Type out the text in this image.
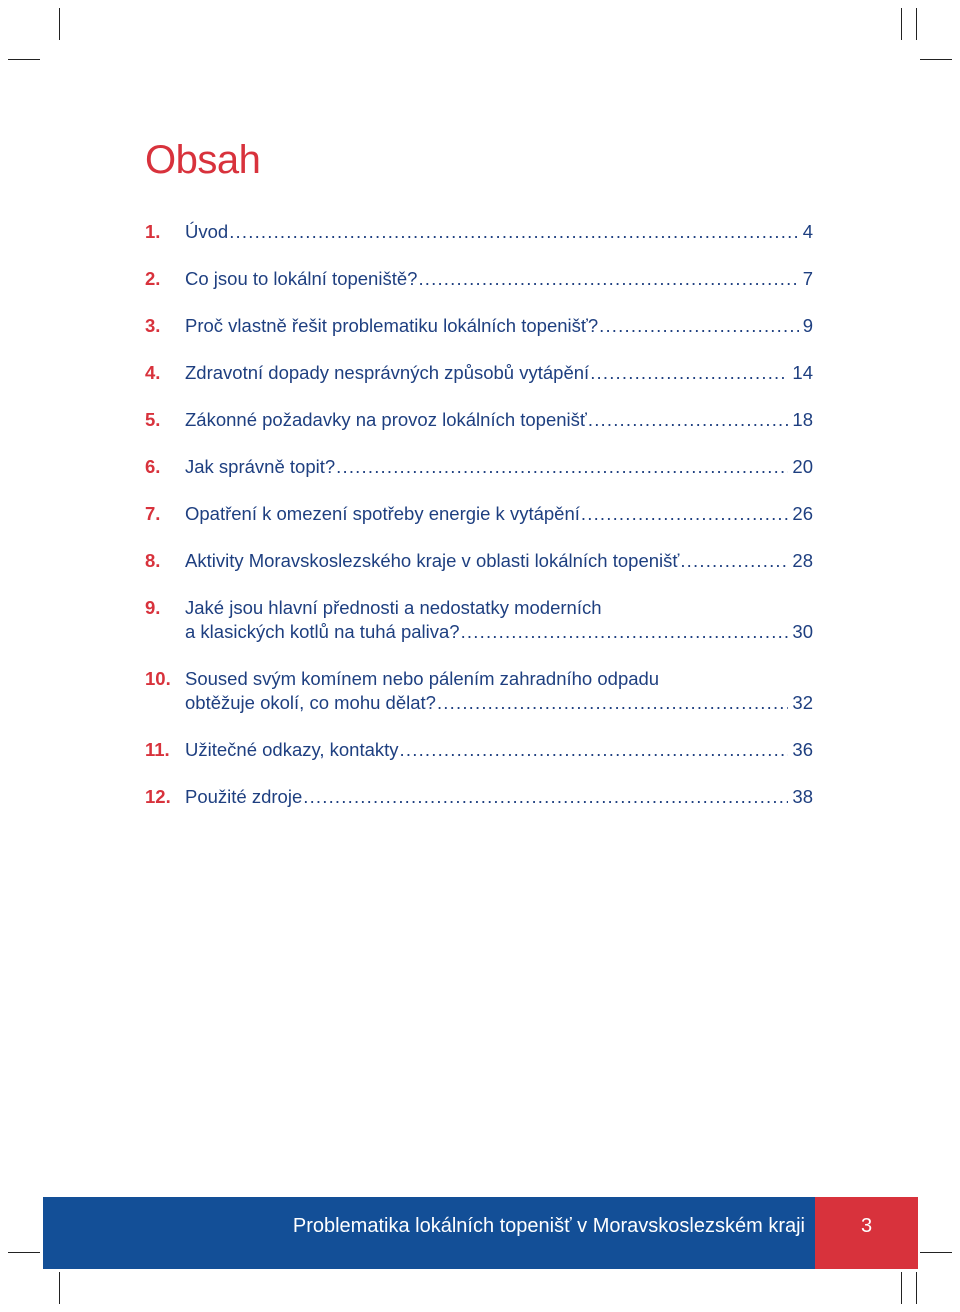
Obsah
1.	Úvod .....	4
2.	Co jsou to lokální topeniště? .....	7
3.	Proč vlastně řešit problematiku lokálních topenišť? .....	9
4.	Zdravotní dopady nesprávných způsobů vytápění .....	14
5.	Zákonné požadavky na provoz lokálních topenišť .....	18
6.	Jak správně topit? .....	20
7.	Opatření k omezení spotřeby energie k vytápění .....	26
8.	Aktivity Moravskoslezského kraje v oblasti lokálních topenišť .....	28
9.	Jaké jsou hlavní přednosti a nedostatky moderních
a klasických kotlů na tuhá paliva? .....	30
10. Soused svým komínem nebo pálením zahradního odpadu
obtěžuje okolí, co mohu dělat? .....	32
11. Užitečné odkazy, kontakty .....	36
12. Použité zdroje .....	38
Problematika lokálních topenišť v Moravskoslezském kraji	3
